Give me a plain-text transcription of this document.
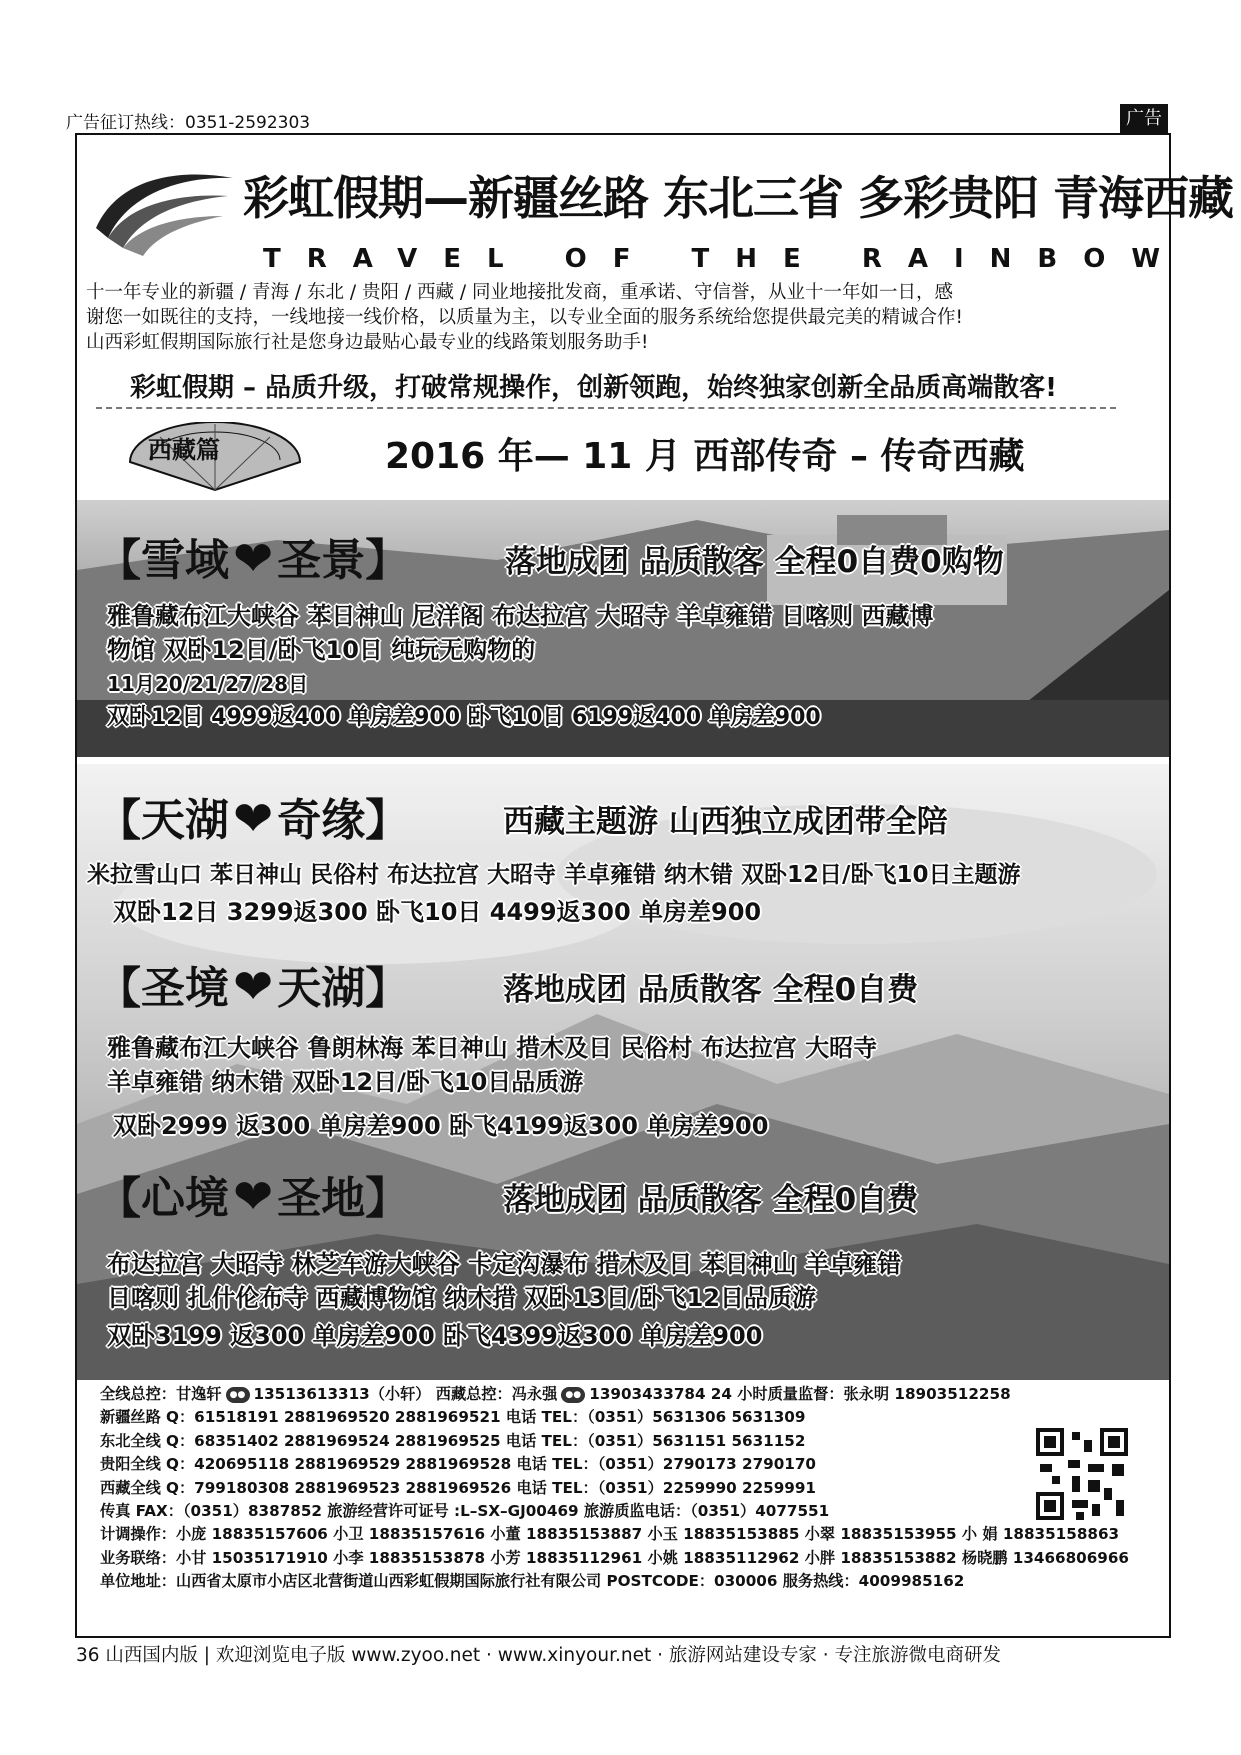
广告征订热线：0351-2592303	广告
彩虹假期—新疆丝路 东北三省 多彩贵阳 青海西藏
TRAVEL OF THE RAINBOW
十一年专业的新疆 / 青海 / 东北 / 贵阳 / 西藏 / 同业地接批发商，重承诺、守信誉，从业十一年如一日，感
谢您一如既往的支持，一线地接一线价格，以质量为主，以专业全面的服务系统给您提供最完美的精诚合作!
山西彩虹假期国际旅行社是您身边最贴心最专业的线路策划服务助手!
彩虹假期 – 品质升级，打破常规操作，创新领跑，始终独家创新全品质高端散客!
西藏篇	2016 年— 11 月 西部传奇 – 传奇西藏
【雪域❤圣景】	落地成团 品质散客 全程0自费0购物
雅鲁藏布江大峡谷 苯日神山 尼洋阁 布达拉宫 大昭寺 羊卓雍错 日喀则 西藏博
物馆 双卧12日/卧飞10日 纯玩无购物的
11月20/21/27/28日
双卧12日 4999返400 单房差900 卧飞10日 6199返400 单房差900
【天湖❤奇缘】	西藏主题游 山西独立成团带全陪
米拉雪山口 苯日神山 民俗村 布达拉宫 大昭寺 羊卓雍错 纳木错 双卧12日/卧飞10日主题游
双卧12日 3299返300 卧飞10日 4499返300 单房差900
【圣境❤天湖】	落地成团 品质散客 全程0自费
雅鲁藏布江大峡谷 鲁朗林海 苯日神山 措木及日 民俗村 布达拉宫 大昭寺
羊卓雍错 纳木错 双卧12日/卧飞10日品质游
双卧2999 返300 单房差900 卧飞4199返300 单房差900
【心境❤圣地】	落地成团 品质散客 全程0自费
布达拉宫 大昭寺 林芝车游大峡谷 卡定沟瀑布 措木及日 苯日神山 羊卓雍错
日喀则 扎什伦布寺 西藏博物馆 纳木措 双卧13日/卧飞12日品质游
双卧3199 返300 单房差900 卧飞4399返300 单房差900
全线总控：甘逸轩 ●● 13513613313（小轩） 西藏总控：冯永强 ●● 13903433784 24 小时质量监督：张永明 18903512258
新疆丝路 Q：61518191 2881969520 2881969521 电话 TEL：（0351）5631306 5631309
东北全线 Q：68351402 2881969524 2881969525 电话 TEL：（0351）5631151 5631152
贵阳全线 Q：420695118 2881969529 2881969528 电话 TEL：（0351）2790173 2790170
西藏全线 Q：799180308 2881969523 2881969526 电话 TEL：（0351）2259990 2259991
传真 FAX：（0351）8387852 旅游经营许可证号 :L–SX–GJ00469 旅游质监电话：（0351）4077551
计调操作：小庞 18835157606 小卫 18835157616 小董 18835153887 小玉 18835153885 小翠 18835153955 小 娟 18835158863
业务联络：小甘 15035171910 小李 18835153878 小芳 18835112961 小姚 18835112962 小胖 18835153882 杨晓鹏 13466806966
单位地址：山西省太原市小店区北营街道山西彩虹假期国际旅行社有限公司 POSTCODE：030006 服务热线：4009985162
36 山西国内版 | 欢迎浏览电子版 www.zyoo.net · www.xinyour.net · 旅游网站建设专家 · 专注旅游微电商研发
